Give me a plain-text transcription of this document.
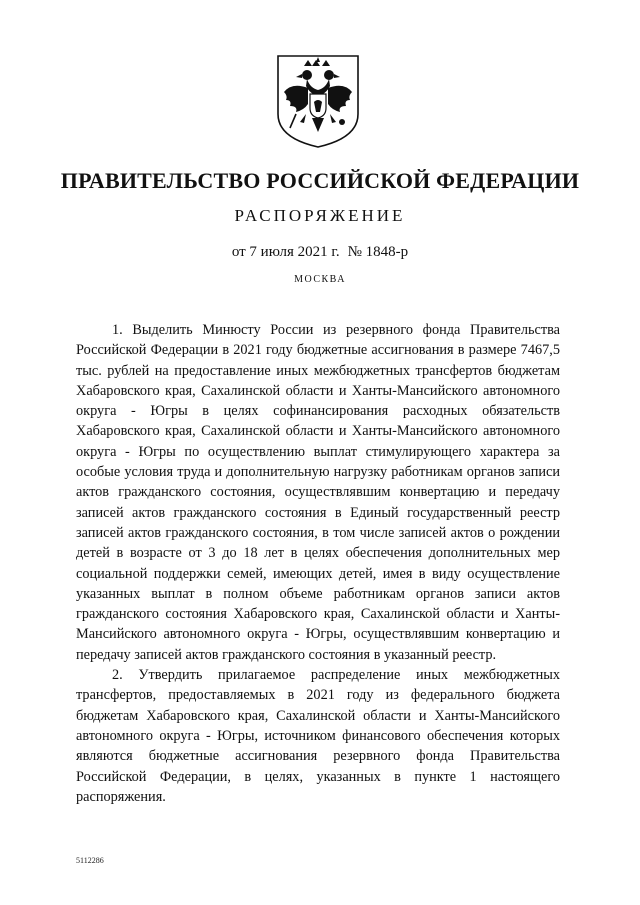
ПРАВИТЕЛЬСТВО РОССИЙСКОЙ ФЕДЕРАЦИИ
РАСПОРЯЖЕНИЕ
от 7 июля 2021 г. № 1848-р
МОСКВА

1. Выделить Минюсту России из резервного фонда Правительства Российской Федерации в 2021 году бюджетные ассигнования в размере 7467,5 тыс. рублей на предоставление иных межбюджетных трансфертов бюджетам Хабаровского края, Сахалинской области и Ханты-Мансийского автономного округа - Югры в целях софинансирования расходных обязательств Хабаровского края, Сахалинской области и Ханты-Мансийского автономного округа - Югры по осуществлению выплат стимулирующего характера за особые условия труда и дополнительную нагрузку работникам органов записи актов гражданского состояния, осуществлявшим конвертацию и передачу записей актов гражданского состояния в Единый государственный реестр записей актов гражданского состояния, в том числе записей актов о рождении детей в возрасте от 3 до 18 лет в целях обеспечения дополнительных мер социальной поддержки семей, имеющих детей, имея в виду осуществление указанных выплат в полном объеме работникам органов записи актов гражданского состояния Хабаровского края, Сахалинской области и Ханты-Мансийского автономного округа - Югры, осуществлявшим конвертацию и передачу записей актов гражданского состояния в указанный реестр.

2. Утвердить прилагаемое распределение иных межбюджетных трансфертов, предоставляемых в 2021 году из федерального бюджета бюджетам Хабаровского края, Сахалинской области и Ханты-Мансийского автономного округа - Югры, источником финансового обеспечения которых являются бюджетные ассигнования резервного фонда Правительства Российской Федерации, в целях, указанных в пункте 1 настоящего распоряжения.

5112286
